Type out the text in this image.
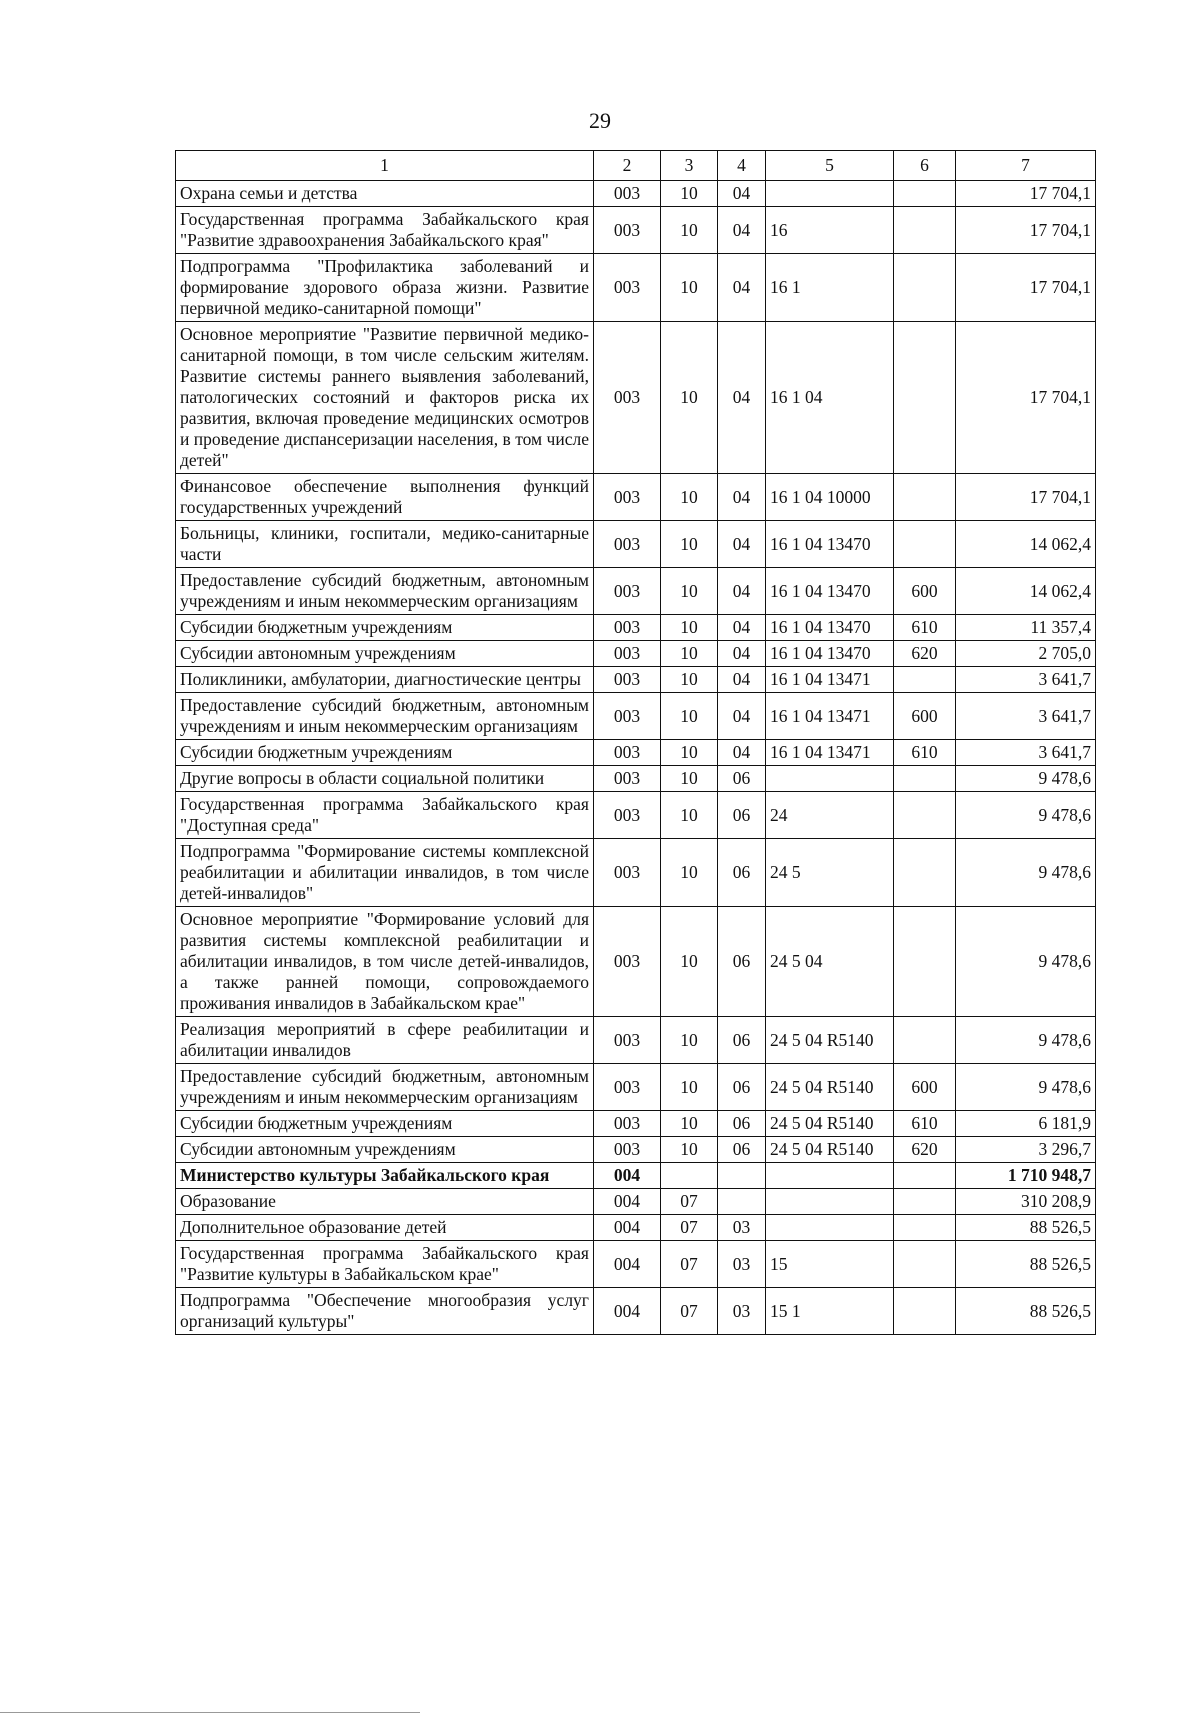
29
1	2	3	4	5	6	7
Охрана семьи и детства	003	10	04			17 704,1
Государственная программа Забайкальского края "Развитие здравоохранения Забайкальского края"	003	10	04	16		17 704,1
Подпрограмма "Профилактика заболеваний и формирование здорового образа жизни. Развитие первичной медико-санитарной помощи"	003	10	04	16 1		17 704,1
Основное мероприятие "Развитие первичной медико-санитарной помощи, в том числе сельским жителям. Развитие системы раннего выявления заболеваний, патологических состояний и факторов риска их развития, включая проведение медицинских осмотров и проведение диспансеризации населения, в том числе детей"	003	10	04	16 1 04		17 704,1
Финансовое обеспечение выполнения функций государственных учреждений	003	10	04	16 1 04 10000		17 704,1
Больницы, клиники, госпитали, медико-санитарные части	003	10	04	16 1 04 13470		14 062,4
Предоставление субсидий бюджетным, автономным учреждениям и иным некоммерческим организациям	003	10	04	16 1 04 13470	600	14 062,4
Субсидии бюджетным учреждениям	003	10	04	16 1 04 13470	610	11 357,4
Субсидии автономным учреждениям	003	10	04	16 1 04 13470	620	2 705,0
Поликлиники, амбулатории, диагностические центры	003	10	04	16 1 04 13471		3 641,7
Предоставление субсидий бюджетным, автономным учреждениям и иным некоммерческим организациям	003	10	04	16 1 04 13471	600	3 641,7
Субсидии бюджетным учреждениям	003	10	04	16 1 04 13471	610	3 641,7
Другие вопросы в области социальной политики	003	10	06			9 478,6
Государственная программа Забайкальского края "Доступная среда"	003	10	06	24		9 478,6
Подпрограмма "Формирование системы комплексной реабилитации и абилитации инвалидов, в том числе детей-инвалидов"	003	10	06	24 5		9 478,6
Основное мероприятие "Формирование условий для развития системы комплексной реабилитации и абилитации инвалидов, в том числе детей-инвалидов, а также ранней помощи, сопровождаемого проживания инвалидов в Забайкальском крае"	003	10	06	24 5 04		9 478,6
Реализация мероприятий в сфере реабилитации и абилитации инвалидов	003	10	06	24 5 04 R5140		9 478,6
Предоставление субсидий бюджетным, автономным учреждениям и иным некоммерческим организациям	003	10	06	24 5 04 R5140	600	9 478,6
Субсидии бюджетным учреждениям	003	10	06	24 5 04 R5140	610	6 181,9
Субсидии автономным учреждениям	003	10	06	24 5 04 R5140	620	3 296,7
Министерство культуры Забайкальского края	004					1 710 948,7
Образование	004	07				310 208,9
Дополнительное образование детей	004	07	03			88 526,5
Государственная программа Забайкальского края "Развитие культуры в Забайкальском крае"	004	07	03	15		88 526,5
Подпрограмма "Обеспечение многообразия услуг организаций культуры"	004	07	03	15 1		88 526,5
